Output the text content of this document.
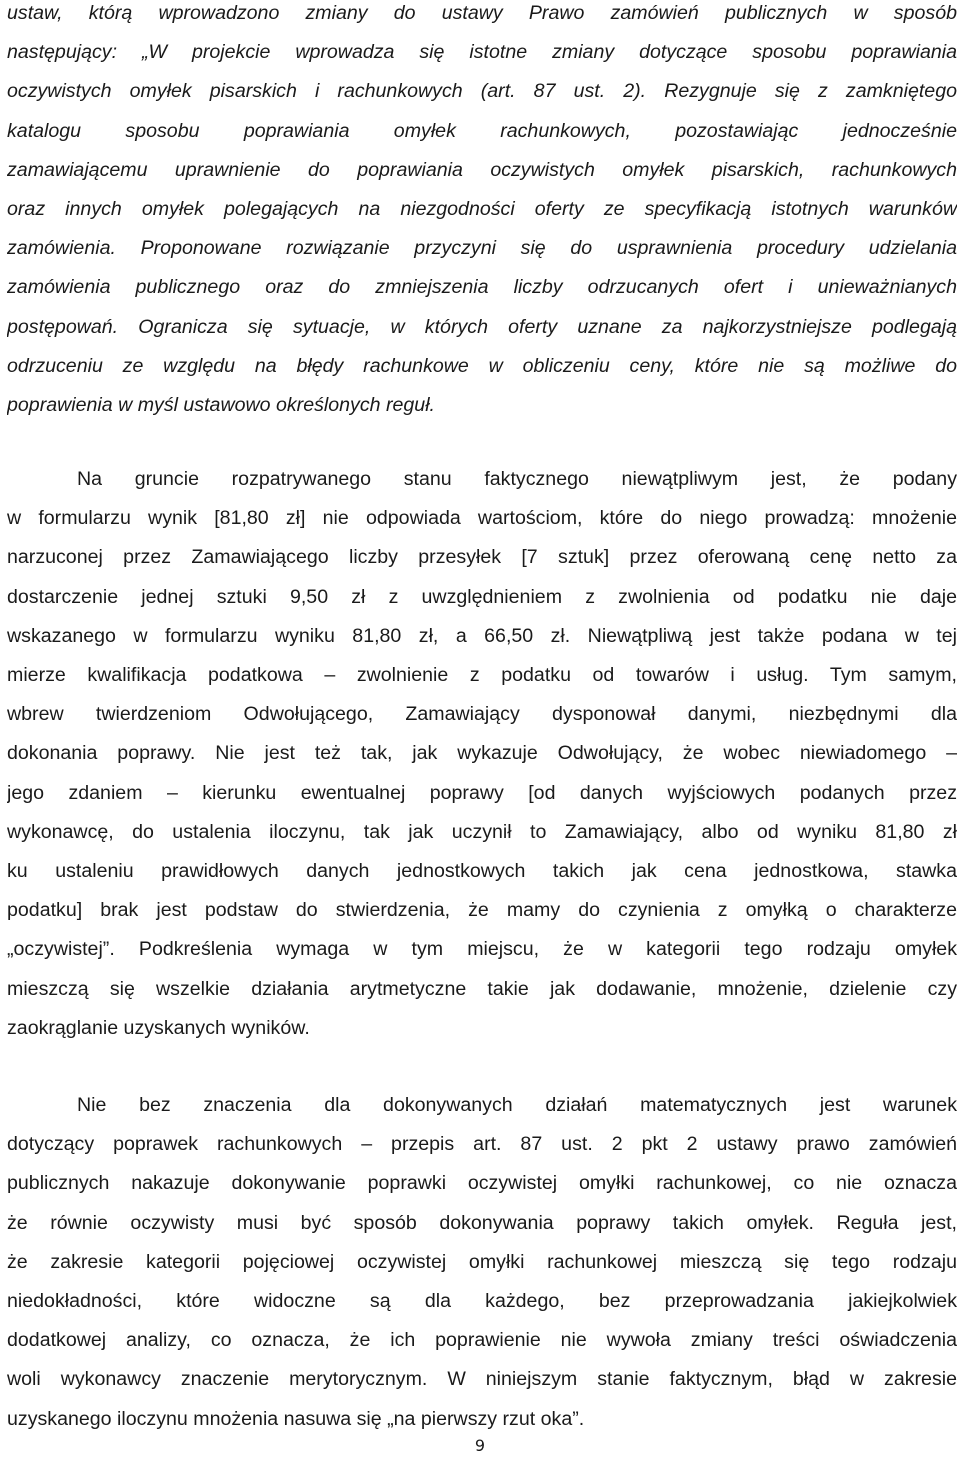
ustaw, którą wprowadzono zmiany do ustawy Prawo zamówień publicznych w sposób
następujący: „W projekcie wprowadza się istotne zmiany dotyczące sposobu poprawiania
oczywistych omyłek pisarskich i rachunkowych (art. 87 ust. 2). Rezygnuje się z zamkniętego
katalogu sposobu poprawiania omyłek rachunkowych, pozostawiając jednocześnie
zamawiającemu uprawnienie do poprawiania oczywistych omyłek pisarskich, rachunkowych
oraz innych omyłek polegających na niezgodności oferty ze specyfikacją istotnych warunków
zamówienia. Proponowane rozwiązanie przyczyni się do usprawnienia procedury udzielania
zamówienia publicznego oraz do zmniejszenia liczby odrzucanych ofert i unieważnianych
postępowań. Ogranicza się sytuacje, w których oferty uznane za najkorzystniejsze podlegają
odrzuceniu ze względu na błędy rachunkowe w obliczeniu ceny, które nie są możliwe do
poprawienia w myśl ustawowo określonych reguł.
Na gruncie rozpatrywanego stanu faktycznego niewątpliwym jest, że podany
w formularzu wynik [81,80 zł] nie odpowiada wartościom, które do niego prowadzą: mnożenie
narzuconej przez Zamawiającego liczby przesyłek [7 sztuk] przez oferowaną cenę netto za
dostarczenie jednej sztuki 9,50 zł z uwzględnieniem z zwolnienia od podatku nie daje
wskazanego w formularzu wyniku 81,80 zł, a 66,50 zł. Niewątpliwą jest także podana w tej
mierze kwalifikacja podatkowa – zwolnienie z podatku od towarów i usług. Tym samym,
wbrew twierdzeniom Odwołującego, Zamawiający dysponował danymi, niezbędnymi dla
dokonania poprawy. Nie jest też tak, jak wykazuje Odwołujący, że wobec niewiadomego –
jego zdaniem – kierunku ewentualnej poprawy [od danych wyjściowych podanych przez
wykonawcę, do ustalenia iloczynu, tak jak uczynił to Zamawiający, albo od wyniku 81,80 zł
ku ustaleniu prawidłowych danych jednostkowych takich jak cena jednostkowa, stawka
podatku] brak jest podstaw do stwierdzenia, że mamy do czynienia z omyłką o charakterze
„oczywistej”. Podkreślenia wymaga w tym miejscu, że w kategorii tego rodzaju omyłek
mieszczą się wszelkie działania arytmetyczne takie jak dodawanie, mnożenie, dzielenie czy
zaokrąglanie uzyskanych wyników.
Nie bez znaczenia dla dokonywanych działań matematycznych jest warunek
dotyczący poprawek rachunkowych – przepis art. 87 ust. 2 pkt 2 ustawy prawo zamówień
publicznych nakazuje dokonywanie poprawki oczywistej omyłki rachunkowej, co nie oznacza
że równie oczywisty musi być sposób dokonywania poprawy takich omyłek. Reguła jest,
że zakresie kategorii pojęciowej oczywistej omyłki rachunkowej mieszczą się tego rodzaju
niedokładności, które widoczne są dla każdego, bez przeprowadzania jakiejkolwiek
dodatkowej analizy, co oznacza, że ich poprawienie nie wywoła zmiany treści oświadczenia
woli wykonawcy znaczenie merytorycznym. W niniejszym stanie faktycznym, błąd w zakresie
uzyskanego iloczynu mnożenia nasuwa się „na pierwszy rzut oka”.
9
